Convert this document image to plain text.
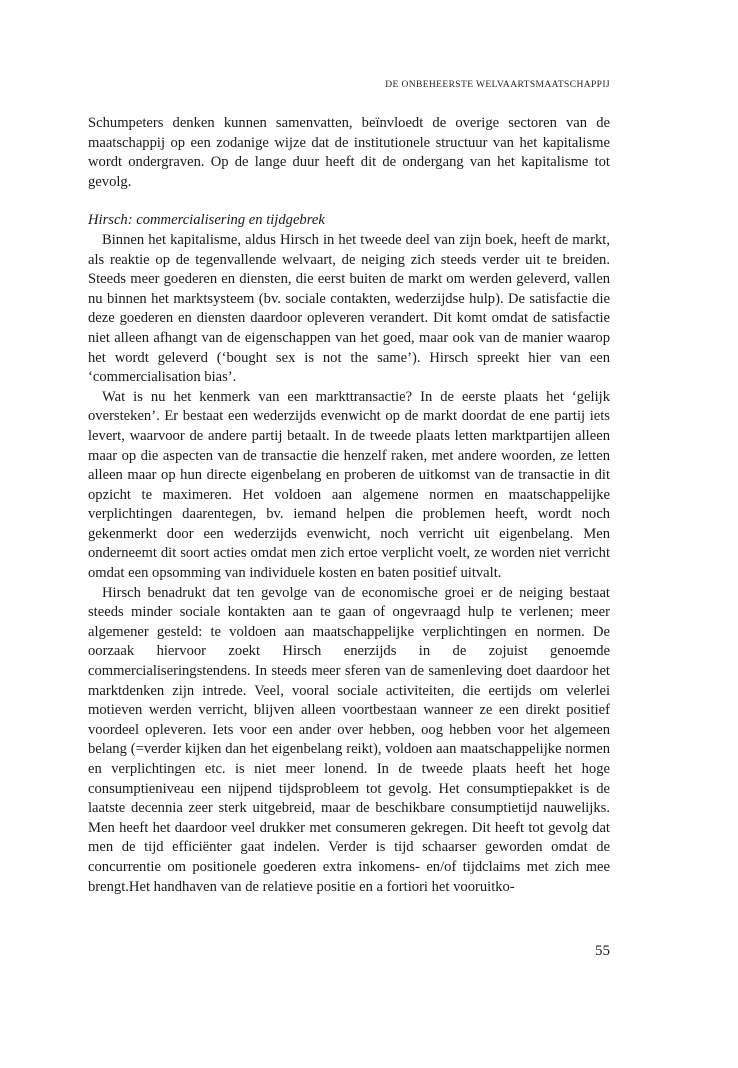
DE ONBEHEERSTE WELVAARTSMAATSCHAPPIJ

Schumpeters denken kunnen samenvatten, beïnvloedt de overige sectoren van de maatschappij op een zodanige wijze dat de institutionele structuur van het kapitalisme wordt ondergraven. Op de lange duur heeft dit de ondergang van het kapitalisme tot gevolg.

Hirsch: commercialisering en tijdgebrek

Binnen het kapitalisme, aldus Hirsch in het tweede deel van zijn boek, heeft de markt, als reaktie op de tegenvallende welvaart, de neiging zich steeds verder uit te breiden. Steeds meer goederen en diensten, die eerst buiten de markt om werden geleverd, vallen nu binnen het marktsysteem (bv. sociale contakten, wederzijdse hulp). De satisfactie die deze goederen en diensten daardoor opleveren verandert. Dit komt omdat de satisfactie niet alleen afhangt van de eigenschappen van het goed, maar ook van de manier waarop het wordt geleverd (‘bought sex is not the same’). Hirsch spreekt hier van een ‘commercialisation bias’.

Wat is nu het kenmerk van een markttransactie? In de eerste plaats het ‘gelijk oversteken’. Er bestaat een wederzijds evenwicht op de markt doordat de ene partij iets levert, waarvoor de andere partij betaalt. In de tweede plaats letten marktpartijen alleen maar op die aspecten van de transactie die henzelf raken, met andere woorden, ze letten alleen maar op hun directe eigenbelang en proberen de uitkomst van de transactie in dit opzicht te maximeren. Het voldoen aan algemene normen en maatschappelijke verplichtingen daarentegen, bv. iemand helpen die problemen heeft, wordt noch gekenmerkt door een wederzijds evenwicht, noch verricht uit eigenbelang. Men onderneemt dit soort acties omdat men zich ertoe verplicht voelt, ze worden niet verricht omdat een opsomming van individuele kosten en baten positief uitvalt.

Hirsch benadrukt dat ten gevolge van de economische groei er de neiging bestaat steeds minder sociale kontakten aan te gaan of ongevraagd hulp te verlenen; meer algemener gesteld: te voldoen aan maatschappelijke verplichtingen en normen. De oorzaak hiervoor zoekt Hirsch enerzijds in de zojuist genoemde commercialiseringstendens. In steeds meer sferen van de samenleving doet daardoor het marktdenken zijn intrede. Veel, vooral sociale activiteiten, die eertijds om velerlei motieven werden verricht, blijven alleen voortbestaan wanneer ze een direkt positief voordeel opleveren. Iets voor een ander over hebben, oog hebben voor het algemeen belang (=verder kijken dan het eigenbelang reikt), voldoen aan maatschappelijke normen en verplichtingen etc. is niet meer lonend. In de tweede plaats heeft het hoge consumptieniveau een nijpend tijdsprobleem tot gevolg. Het consumptiepakket is de laatste decennia zeer sterk uitgebreid, maar de beschikbare consumptietijd nauwelijks. Men heeft het daardoor veel drukker met consumeren gekregen. Dit heeft tot gevolg dat men de tijd efficiënter gaat indelen. Verder is tijd schaarser geworden omdat de concurrentie om positionele goederen extra inkomens- en/of tijdclaims met zich mee brengt.Het handhaven van de relatieve positie en a fortiori het vooruitko-

55
